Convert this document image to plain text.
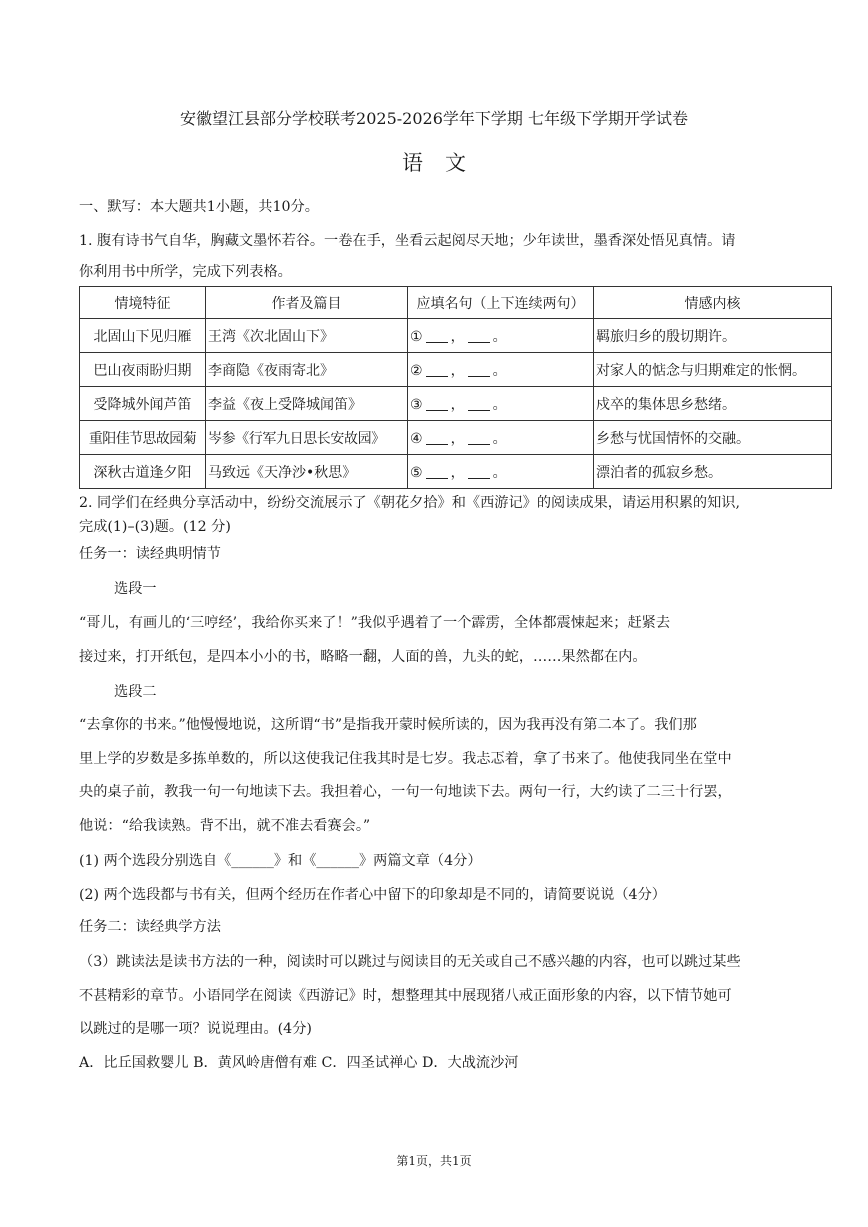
安徽望江县部分学校联考2025-2026学年下学期 七年级下学期开学试卷
语文
一、默写：本大题共1小题，共10分。
1. 腹有诗书气自华，胸藏文墨怀若谷。一卷在手，坐看云起阅尽天地；少年读世，墨香深处悟见真情。请
你利用书中所学，完成下列表格。
情境特征	作者及篇目	应填名句（上下连续两句）	情感内核
北固山下见归雁	王湾《次北固山下》	① ， 。	羁旅归乡的殷切期许。
巴山夜雨盼归期	李商隐《夜雨寄北》	② ， 。	对家人的惦念与归期难定的怅惘。
受降城外闻芦笛	李益《夜上受降城闻笛》	③ ， 。	戍卒的集体思乡愁绪。
重阳佳节思故园菊	岑参《行军九日思长安故园》	④ ， 。	乡愁与忧国情怀的交融。
深秋古道逢夕阳	马致远《天净沙•秋思》	⑤ ， 。	漂泊者的孤寂乡愁。
2. 同学们在经典分享活动中，纷纷交流展示了《朝花夕拾》和《西游记》的阅读成果，请运用积累的知识,
完成(1)–(3)题。(12 分)
任务一：读经典明情节
选段一
“哥儿，有画儿的‘三哼经’，我给你买来了！”我似乎遇着了一个霹雳，全体都震悚起来；赶紧去
接过来，打开纸包，是四本小小的书，略略一翻，人面的兽，九头的蛇，……果然都在内。
选段二
“去拿你的书来。”他慢慢地说，这所谓“书”是指我开蒙时候所读的，因为我再没有第二本了。我们那
里上学的岁数是多拣单数的，所以这使我记住我其时是七岁。我忐忑着，拿了书来了。他使我同坐在堂中
央的桌子前，教我一句一句地读下去。我担着心，一句一句地读下去。两句一行，大约读了二三十行罢，
他说：“给我读熟。背不出，就不准去看赛会。”
(1) 两个选段分别选自《______》和《______》两篇文章（4分）
(2) 两个选段都与书有关，但两个经历在作者心中留下的印象却是不同的，请简要说说（4分）
任务二：读经典学方法
（3）跳读法是读书方法的一种，阅读时可以跳过与阅读目的无关或自己不感兴趣的内容，也可以跳过某些
不甚精彩的章节。小语同学在阅读《西游记》时，想整理其中展现猪八戒正面形象的内容，以下情节她可
以跳过的是哪一项？说说理由。(4分)
A．比丘国救婴儿 B．黄风岭唐僧有难 C．四圣试禅心 D．大战流沙河
第1页，共1页
